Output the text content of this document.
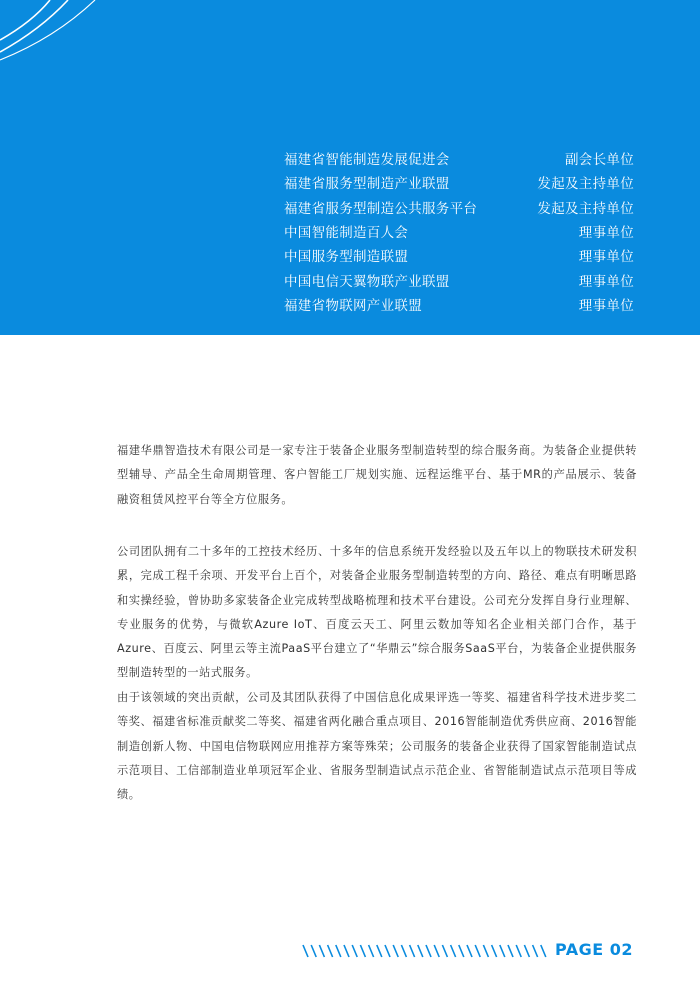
福建省智能制造发展促进会	副会长单位
福建省服务型制造产业联盟	发起及主持单位
福建省服务型制造公共服务平台	发起及主持单位
中国智能制造百人会	理事单位
中国服务型制造联盟	理事单位
中国电信天翼物联产业联盟	理事单位
福建省物联网产业联盟	理事单位

福建华鼎智造技术有限公司是一家专注于装备企业服务型制造转型的综合服务商。为装备企业提供转型辅导、产品全生命周期管理、客户智能工厂规划实施、远程运维平台、基于MR的产品展示、装备融资租赁风控平台等全方位服务。

公司团队拥有二十多年的工控技术经历、十多年的信息系统开发经验以及五年以上的物联技术研发积累，完成工程千余项、开发平台上百个，对装备企业服务型制造转型的方向、路径、难点有明晰思路和实操经验，曾协助多家装备企业完成转型战略梳理和技术平台建设。公司充分发挥自身行业理解、专业服务的优势，与微软Azure IoT、百度云天工、阿里云数加等知名企业相关部门合作，基于Azure、百度云、阿里云等主流PaaS平台建立了“华鼎云”综合服务SaaS平台，为装备企业提供服务型制造转型的一站式服务。

由于该领域的突出贡献，公司及其团队获得了中国信息化成果评选一等奖、福建省科学技术进步奖二等奖、福建省标准贡献奖二等奖、福建省两化融合重点项目、2016智能制造优秀供应商、2016智能制造创新人物、中国电信物联网应用推荐方案等殊荣；公司服务的装备企业获得了国家智能制造试点示范项目、工信部制造业单项冠军企业、省服务型制造试点示范企业、省智能制造试点示范项目等成绩。

PAGE 02
